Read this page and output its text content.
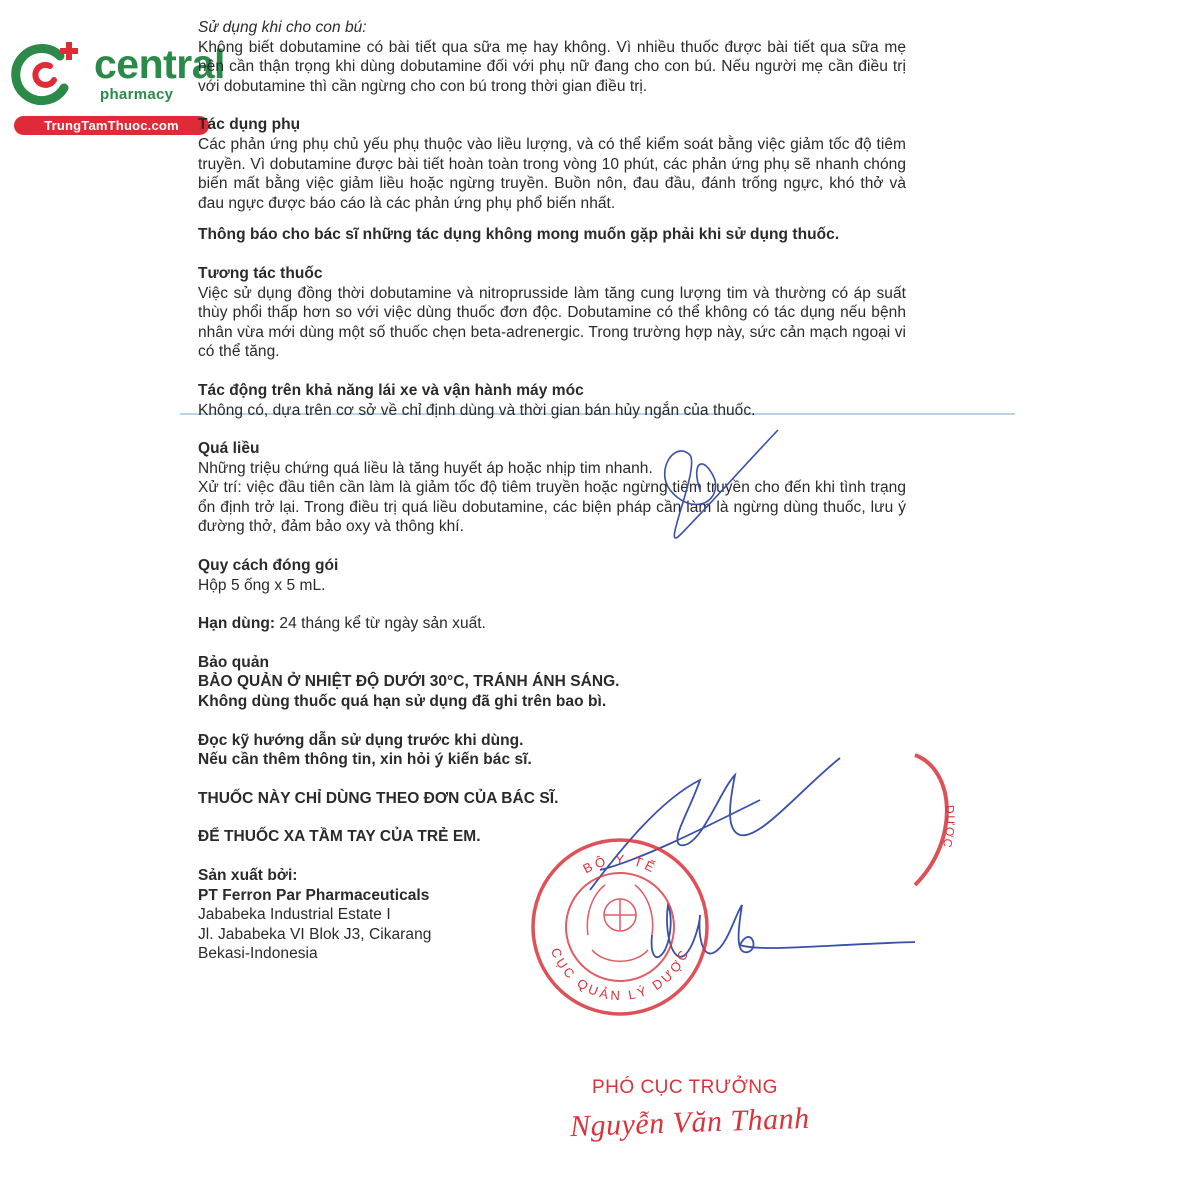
central
pharmacy
TrungTamThuoc.com

Sử dụng khi cho con bú:

Không biết dobutamine có bài tiết qua sữa mẹ hay không. Vì nhiều thuốc được bài tiết qua sữa mẹ nên cần thận trọng khi dùng dobutamine đối với phụ nữ đang cho con bú. Nếu người mẹ cần điều trị với dobutamine thì cần ngừng cho con bú trong thời gian điều trị.

Tác dụng phụ

Các phản ứng phụ chủ yếu phụ thuộc vào liều lượng, và có thể kiểm soát bằng việc giảm tốc độ tiêm truyền. Vì dobutamine được bài tiết hoàn toàn trong vòng 10 phút, các phản ứng phụ sẽ nhanh chóng biến mất bằng việc giảm liều hoặc ngừng truyền. Buồn nôn, đau đầu, đánh trống ngực, khó thở và đau ngực được báo cáo là các phản ứng phụ phổ biến nhất.

Thông báo cho bác sĩ những tác dụng không mong muốn gặp phải khi sử dụng thuốc.

Tương tác thuốc

Việc sử dụng đồng thời dobutamine và nitroprusside làm tăng cung lượng tim và thường có áp suất thùy phổi thấp hơn so với việc dùng thuốc đơn độc. Dobutamine có thể không có tác dụng nếu bệnh nhân vừa mới dùng một số thuốc chẹn beta-adrenergic. Trong trường hợp này, sức cản mạch ngoại vi có thể tăng.

Tác động trên khả năng lái xe và vận hành máy móc

Không có, dựa trên cơ sở về chỉ định dùng và thời gian bán hủy ngắn của thuốc.

Quá liều

Những triệu chứng quá liều là tăng huyết áp hoặc nhịp tim nhanh.

Xử trí: việc đầu tiên cần làm là giảm tốc độ tiêm truyền hoặc ngừng tiêm truyền cho đến khi tình trạng ổn định trở lại. Trong điều trị quá liều dobutamine, các biện pháp cần làm là ngừng dùng thuốc, lưu ý đường thở, đảm bảo oxy và thông khí.

Quy cách đóng gói

Hộp 5 ống x 5 mL.

Hạn dùng: 24 tháng kể từ ngày sản xuất.

Bảo quản

BẢO QUẢN Ở NHIỆT ĐỘ DƯỚI 30°C, TRÁNH ÁNH SÁNG.

Không dùng thuốc quá hạn sử dụng đã ghi trên bao bì.

Đọc kỹ hướng dẫn sử dụng trước khi dùng.

Nếu cần thêm thông tin, xin hỏi ý kiến bác sĩ.

THUỐC NÀY CHỈ DÙNG THEO ĐƠN CỦA BÁC SĨ.

ĐỂ THUỐC XA TẦM TAY CỦA TRẺ EM.

Sản xuất bởi:

PT Ferron Par Pharmaceuticals

Jababeka Industrial Estate I

Jl. Jababeka VI Blok J3, Cikarang

Bekasi-Indonesia

BỘ Y TẾ
CỤC QUẢN LÝ DƯỢC
DƯỢC
PHÓ CỤC TRƯỞNG
Nguyễn Văn Thanh
